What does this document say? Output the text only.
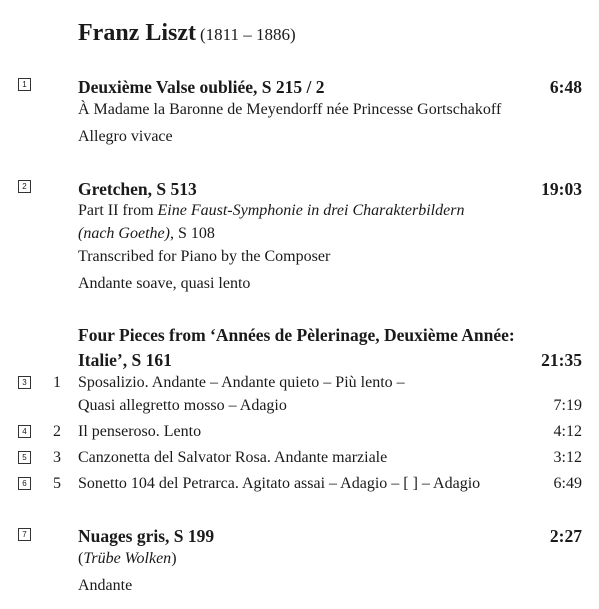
Franz Liszt (1811 – 1886)
1	Deuxième Valse oubliée, S 215 / 2	6:48
À Madame la Baronne de Meyendorff née Princesse Gortschakoff
Allegro vivace
2	Gretchen, S 513	19:03
Part II from Eine Faust-Symphonie in drei Charakterbildern
(nach Goethe), S 108
Transcribed for Piano by the Composer
Andante soave, quasi lento
Four Pieces from ‘Années de Pèlerinage, Deuxième Année:
Italie’, S 161	21:35
3 1 Sposalizio. Andante – Andante quieto – Più lento –
Quasi allegretto mosso – Adagio	7:19
4 2 Il penseroso. Lento	4:12
5 3 Canzonetta del Salvator Rosa. Andante marziale	3:12
6 5 Sonetto 104 del Petrarca. Agitato assai – Adagio – [ ] – Adagio	6:49
7	Nuages gris, S 199	2:27
(Trübe Wolken)
Andante
